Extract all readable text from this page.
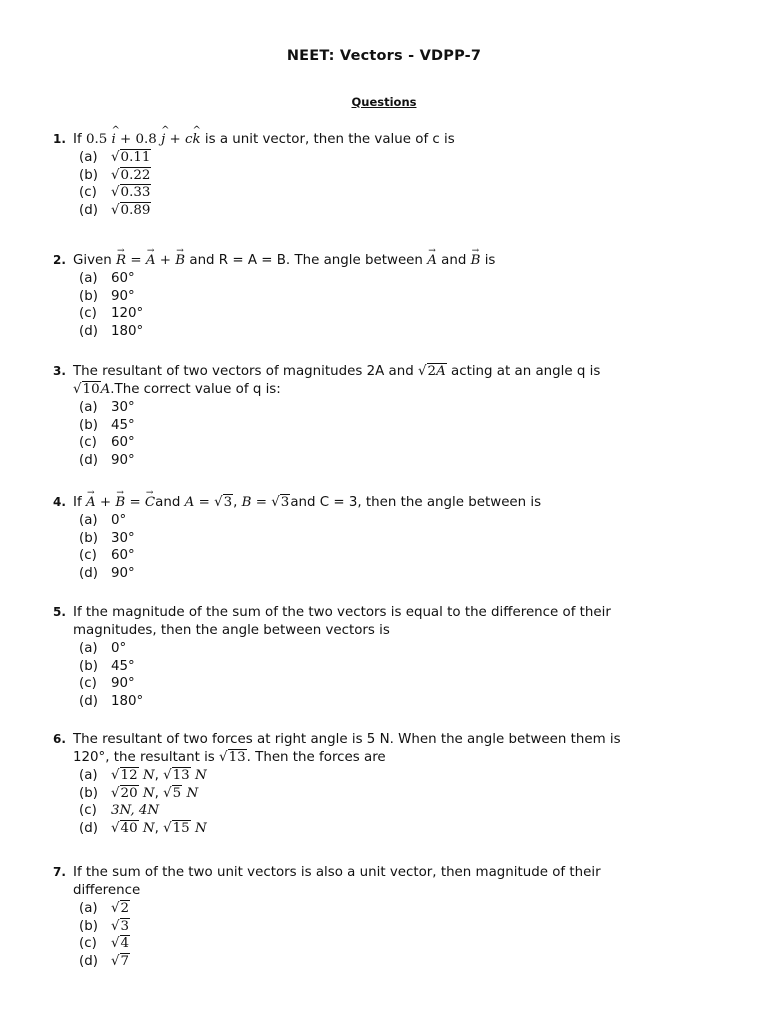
NEET: Vectors - VDPP-7
Questions
1. If 0.5 ^ i + 0.8 ^ j + c^ k is a unit vector, then the value of c is
(a) √0.11
(b) √0.22
(c) √0.33
(d) √0.89
2. Given → R = → A + → B and R = A = B. The angle between → A and → B is
(a) 60°
(b) 90°
(c) 120°
(d) 180°
3. The resultant of two vectors of magnitudes 2A and √2A acting at an angle q is
√10A.The correct value of q is:
(a) 30°
(b) 45°
(c) 60°
(d) 90°
4. If → A + → B = → Cand A = √3, B = √3and C = 3, then the angle between is
(a) 0°
(b) 30°
(c) 60°
(d) 90°
5. If the magnitude of the sum of the two vectors is equal to the difference of their
magnitudes, then the angle between vectors is
(a) 0°
(b) 45°
(c) 90°
(d) 180°
6. The resultant of two forces at right angle is 5 N. When the angle between them is
120°, the resultant is √13. Then the forces are
(a) √12 N, √13 N
(b) √20 N, √5 N
(c) 3N, 4N
(d) √40 N, √15 N
7. If the sum of the two unit vectors is also a unit vector, then magnitude of their
difference
(a) √2
(b) √3
(c) √4
(d) √7
